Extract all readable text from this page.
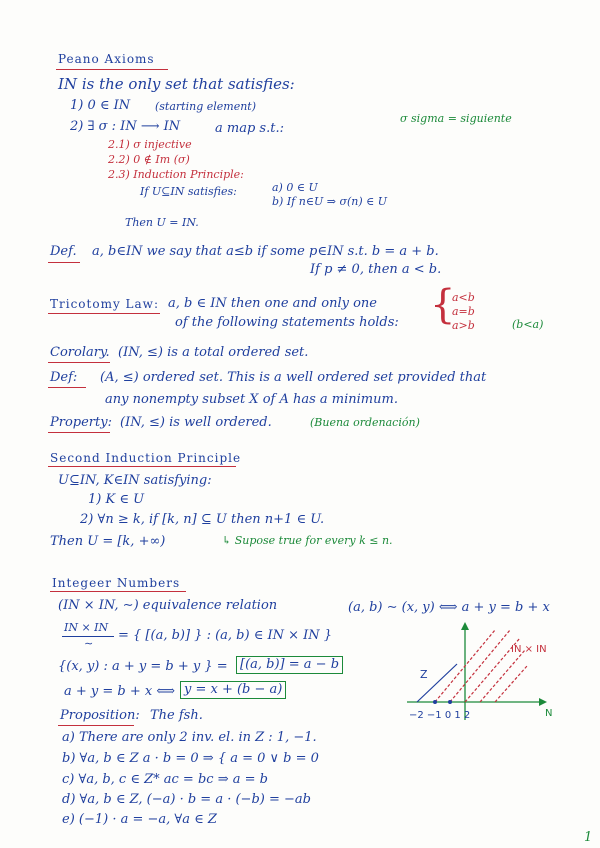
Peano Axioms
IN is the only set that satisfies:
1) 0 ∈ IN (starting element)
2) ∃ σ : IN ⟶ IN	a map s.t.:
σ sigma = siguiente
2.1) σ injective
2.2) 0 ∉ Im (σ)
2.3) Induction Principle:
If U⊆IN satisfies:	a) 0 ∈ U
b) If n∈U ⇒ σ(n) ∈ U
Then U = IN.
Def. a, b∈IN we say that a≤b if some p∈IN s.t. b = a + b.
If p ≠ 0, then a < b.
Tricotomy Law: a, b ∈ IN then one and only one
of the following statements holds: {
a<b
a=b
a>b	(b<a)
Corolary. (IN, ≤) is a total ordered set.
Def: (A, ≤) ordered set. This is a well ordered set provided that
any nonempty subset X of A has a minimum.
Property: (IN, ≤) is well ordered.	(Buena ordenación)
Second Induction Principle
U⊆IN, K∈IN satisfying:
1) K ∈ U
2) ∀n ≥ k, if [k, n] ⊆ U then n+1 ∈ U.
Then U = [k, +∞)	↳ Supose true for every k ≤ n.
Integeer Numbers
(IN × IN, ∼) equivalence relation	(a, b) ∼ (x, y) ⟺ a + y = b + x
IN × IN
∼
= { [(a, b)] } : (a, b) ∈ IN × IN }
{(x, y) : a + y = b + y } = [(a, b)] = a − b
a + y = b + x ⟺ y = x + (b − a)
IN × IN
Z
N
−2 −1 0 1 2
Proposition: The fsh.
a) There are only 2 inv. el. in Z : 1, −1.
b) ∀a, b ∈ Z a · b = 0 ⇒ { a = 0 ∨ b = 0
c) ∀a, b, c ∈ Z* ac = bc ⇒ a = b
d) ∀a, b ∈ Z, (−a) · b = a · (−b) = −ab
e) (−1) · a = −a, ∀a ∈ Z
1
